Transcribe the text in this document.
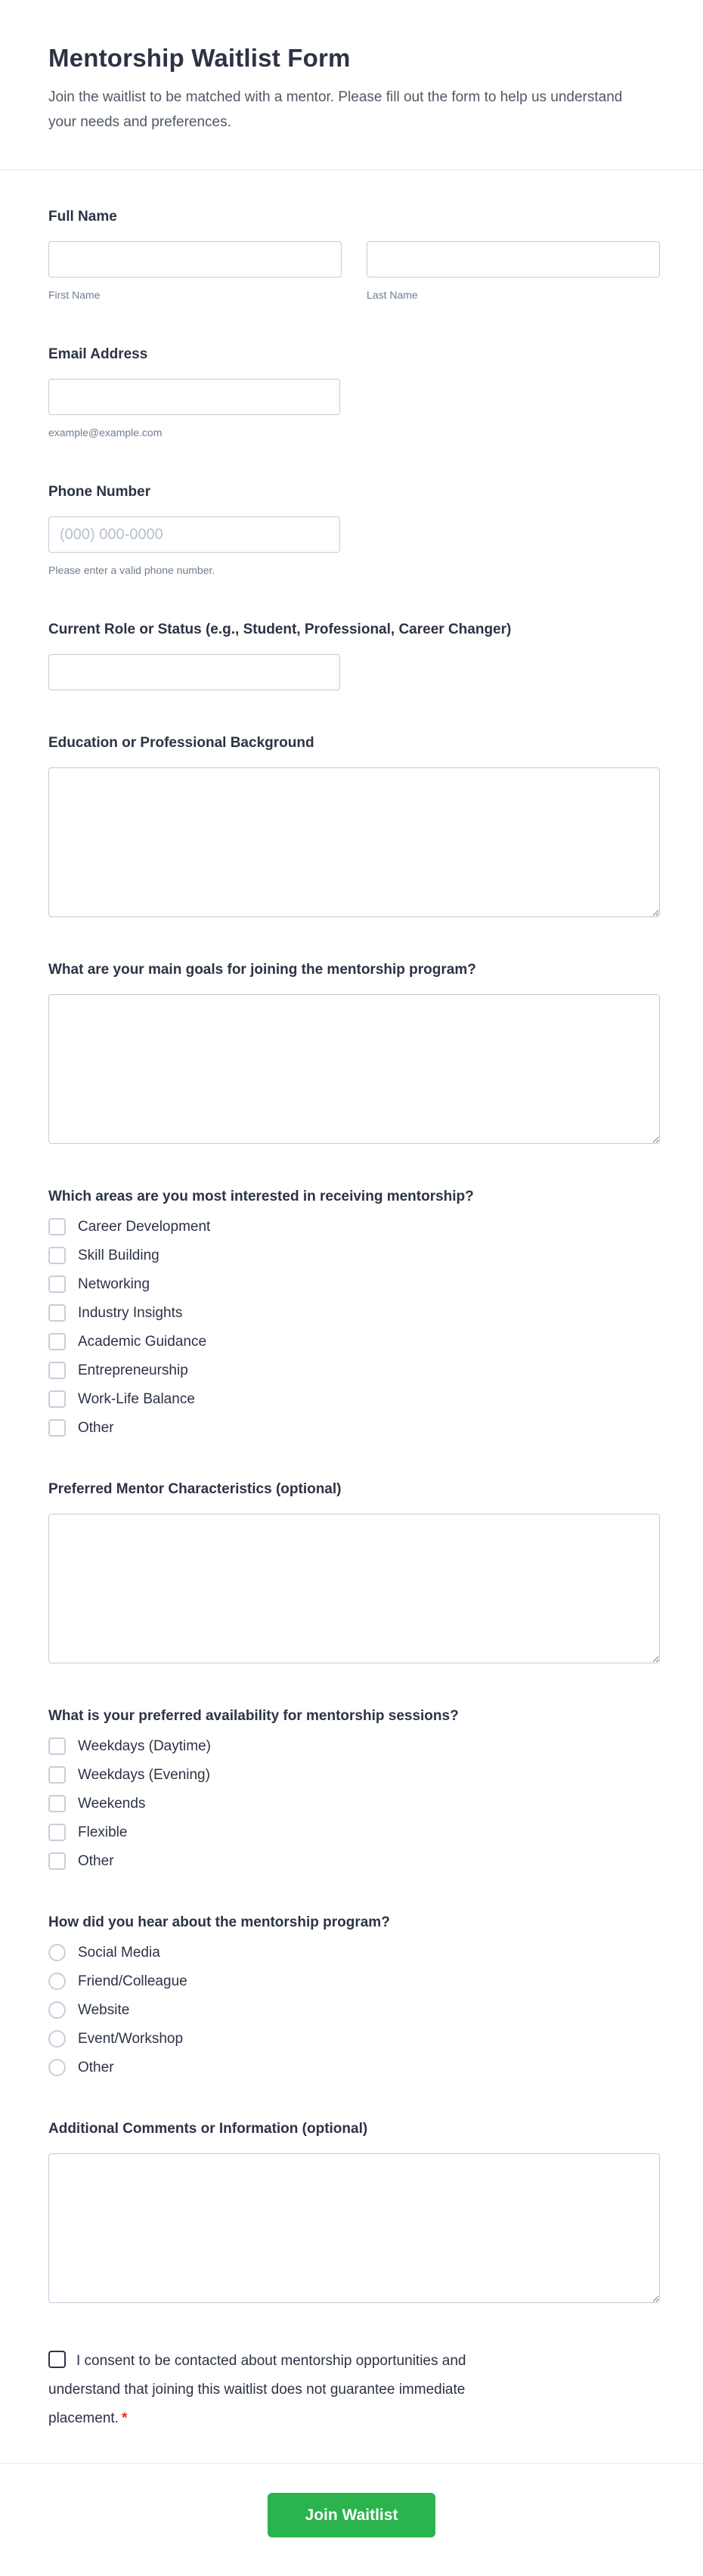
Mentorship Waitlist Form

Join the waitlist to be matched with a mentor. Please fill out the form to help us understand your needs and preferences.

Full Name
First Name	Last Name
Email Address
example@example.com
Phone Number
(000) 000-0000
Please enter a valid phone number.
Current Role or Status (e.g., Student, Professional, Career Changer)
Education or Professional Background
What are your main goals for joining the mentorship program?
Which areas are you most interested in receiving mentorship?
Career Development
Skill Building
Networking
Industry Insights
Academic Guidance
Entrepreneurship
Work-Life Balance
Other
Preferred Mentor Characteristics (optional)
What is your preferred availability for mentorship sessions?
Weekdays (Daytime)
Weekdays (Evening)
Weekends
Flexible
Other
How did you hear about the mentorship program?
Social Media
Friend/Colleague
Website
Event/Workshop
Other
Additional Comments or Information (optional)

I consent to be contacted about mentorship opportunities and understand that joining this waitlist does not guarantee immediate placement. *

Join Waitlist
